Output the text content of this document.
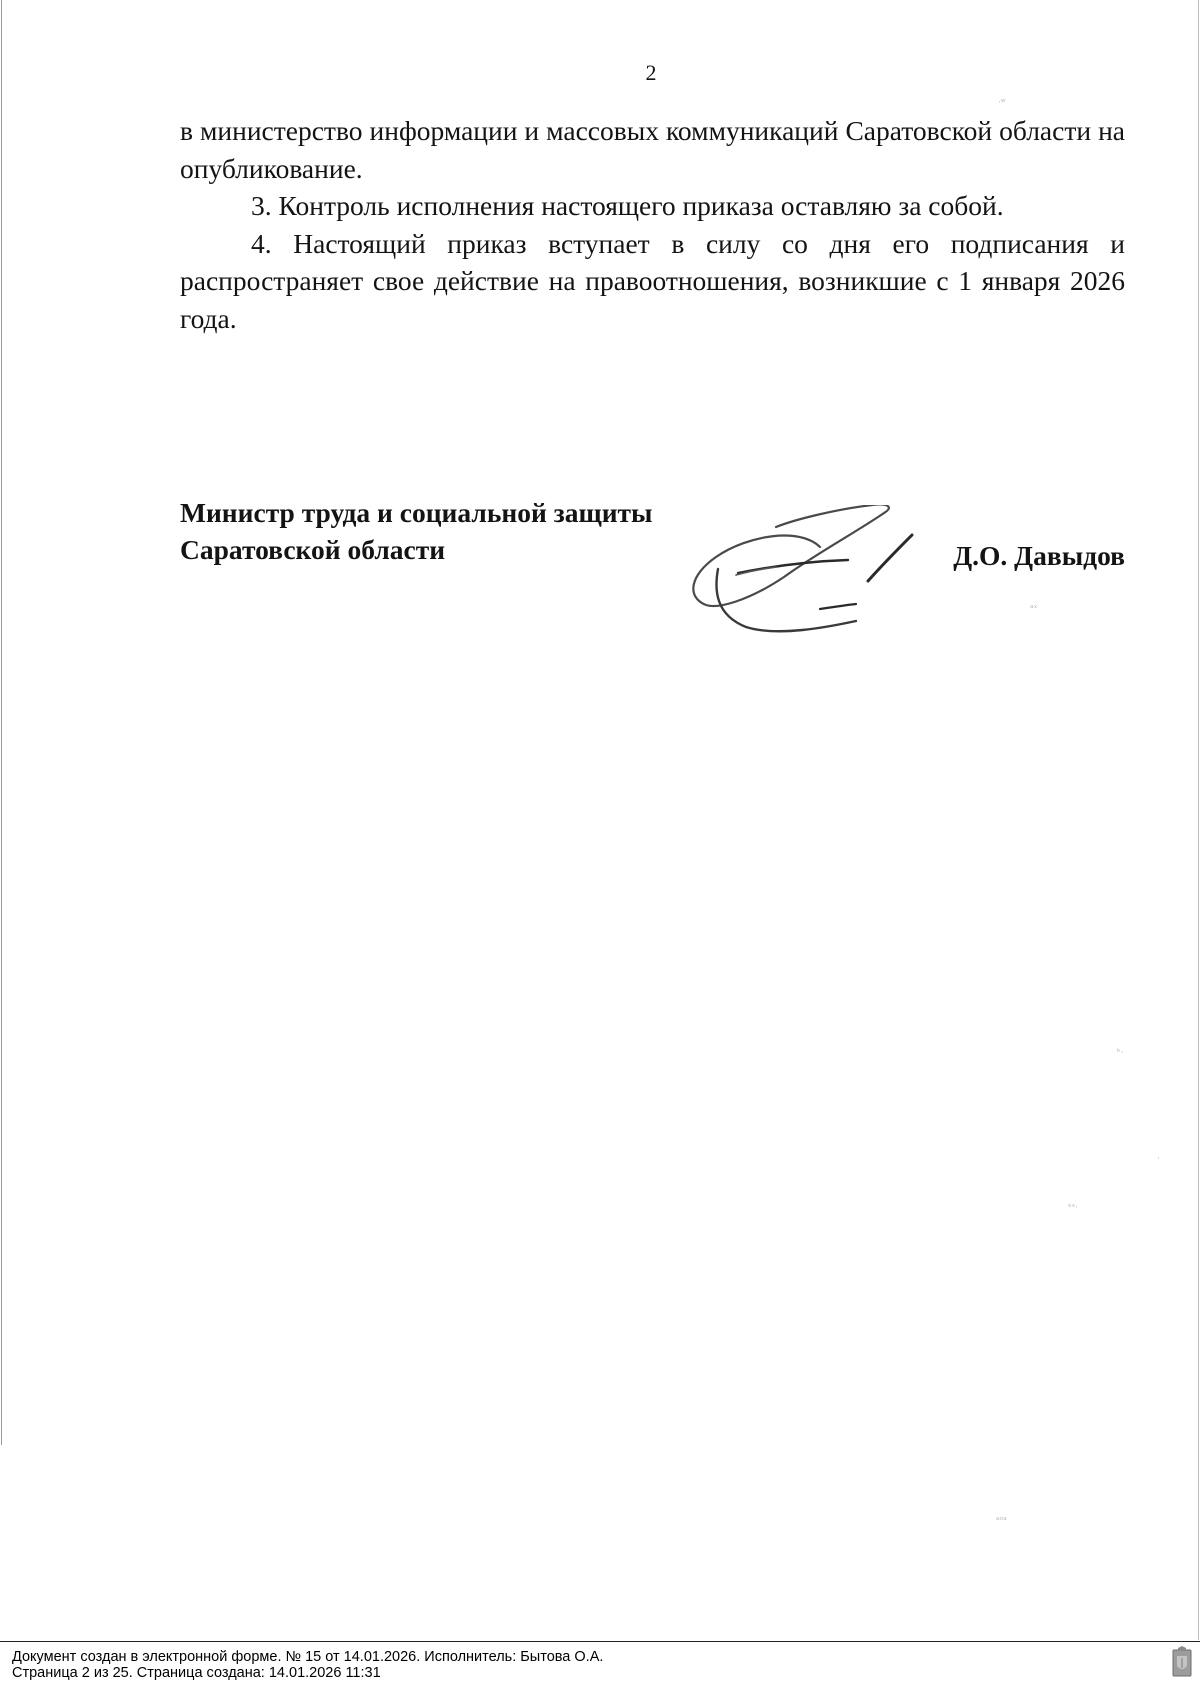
2

в министерство информации и массовых коммуникаций Саратовской области на опубликование.

3. Контроль исполнения настоящего приказа оставляю за собой.

4. Настоящий приказ вступает в силу со дня его подписания и распространяет свое действие на правоотношения, возникшие с 1 января 2026 года.

Министр труда и социальной защиты
Саратовской области	Д.О. Давыдов
·ʷ
ᵃˣ
ᵏ·
·
ᵉˢ·
ᵃᵒᵃ
Документ создан в электронной форме. № 15 от 14.01.2026. Исполнитель: Бытова О.А.
Страница 2 из 25. Страница создана: 14.01.2026 11:31
